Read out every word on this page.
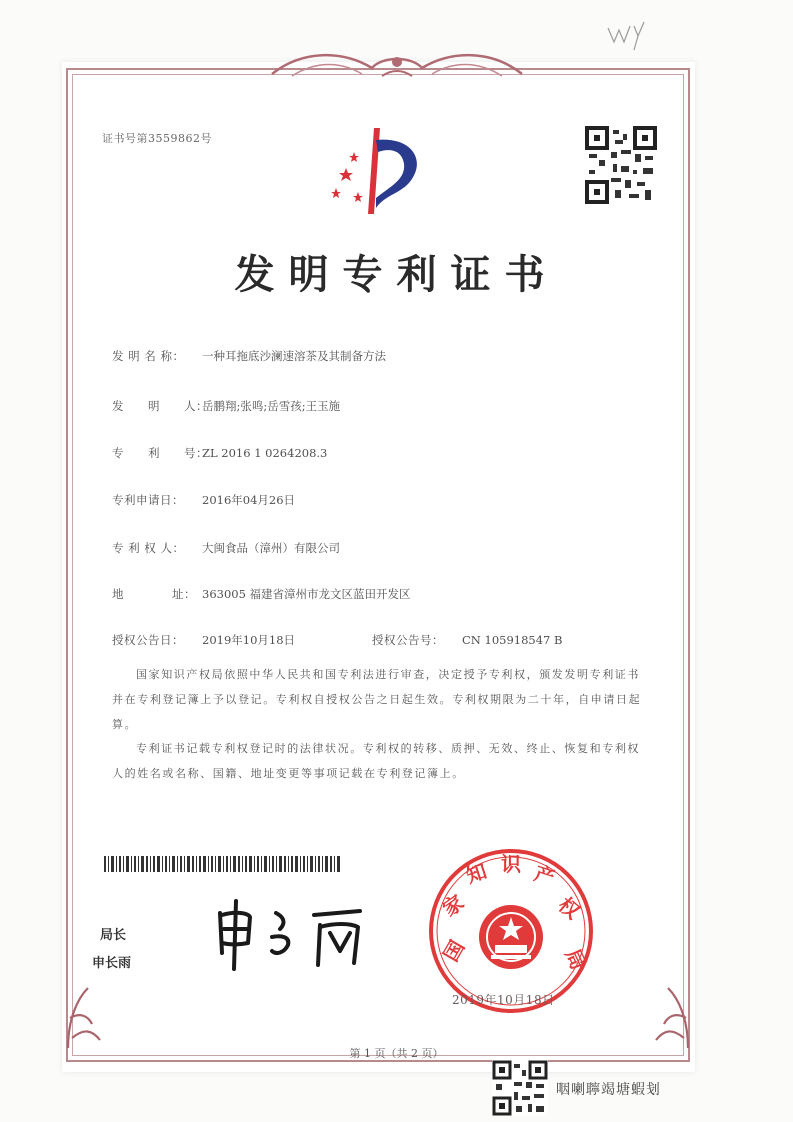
证书号第3559862号
发明专利证书
发 明 名 称： 一种耳拖底沙澜速溶茶及其制备方法
发　　明　　人：岳鹏翔;张鸣;岳雪孩;王玉施
专　　利　　号：ZL 2016 1 0264208.3
专利申请日： 2016年04月26日
专 利 权 人： 大闽食品（漳州）有限公司
地　　　　址： 363005 福建省漳州市龙文区蓝田开发区
授权公告日： 2019年10月18日	授权公告号： CN 105918547 B
国家知识产权局依照中华人民共和国专利法进行审查，决定授予专利权，颁发发明专利证书并在专利登记簿上予以登记。专利权自授权公告之日起生效。专利权期限为二十年，自申请日起算。
专利证书记载专利权登记时的法律状况。专利权的转移、质押、无效、终止、恢复和专利权人的姓名或名称、国籍、地址变更等事项记载在专利登记簿上。
局长
申长雨	国
家
知 识 产
权
局
2019年10月18日
第 1 页（共 2 页）
咽喇聹竭塘蝦刬
